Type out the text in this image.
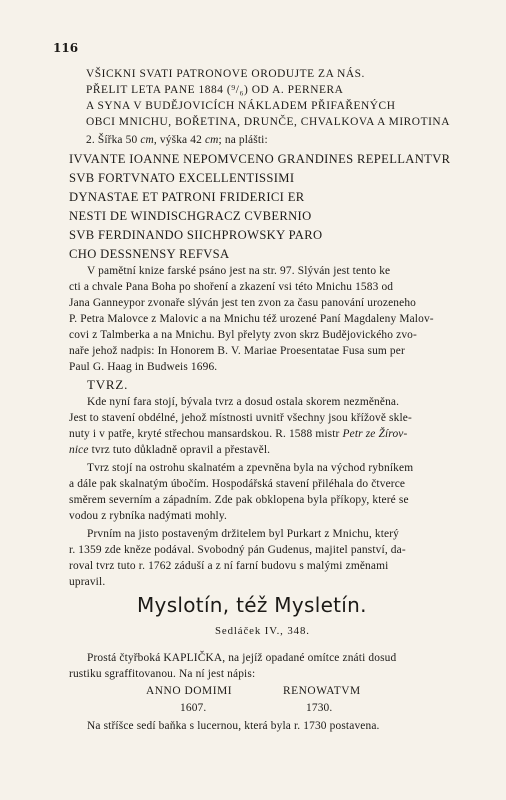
116
VŠICKNI SVATI PATRONOVE ORODUJTE ZA NÁS.
PŘELIT LETA PANE 1884 (⁹/₆) OD A. PERNERA
A SYNA V BUDĚJOVICÍCH NÁKLADEM PŘIFAŘENÝCH
OBCI MNICHU, BOŘETINA, DRUNČE, CHVALKOVA A MIROTINA
2. Šířka 50 cm, výška 42 cm; na plášti:
IVVANTE IOANNE NEPOMVCENO GRANDINES REPELLANTVR
SVB FORTVNATO EXCELLENTISSIMI
DYNASTAE ET PATRONI FRIDERICI ER
NESTI DE WINDISCHGRACZ CVBERNIO
SVB FERDINANDO SIICHPROWSKY PARO
CHO DESSNENSY REFVSA
V pamětní knize farské psáno jest na str. 97. Slýván jest tento ke
cti a chvale Pana Boha po shoření a zkazení vsi této Mnichu 1583 od
Jana Ganneypor zvonaře slýván jest ten zvon za času panování urozeneho
P. Petra Malovce z Malovic a na Mnichu též urozené Paní Magdaleny Malov-
covi z Talmberka a na Mnichu. Byl přelyty zvon skrz Budějovického zvo-
naře jehož nadpis: In Honorem B. V. Mariae Proesentatae Fusa sum per
Paul G. Haag in Budweis 1696.
TVRZ.
Kde nyní fara stojí, bývala tvrz a dosud ostala skorem nezměněna.
Jest to stavení obdélné, jehož místnosti uvnitř všechny jsou křížově skle-
nuty i v patře, kryté střechou mansardskou. R. 1588 mistr Petr ze Žírov-
nice tvrz tuto důkladně opravil a přestavěl.
Tvrz stojí na ostrohu skalnatém a zpevněna byla na východ rybníkem
a dále pak skalnatým úbočím. Hospodářská stavení přiléhala do čtverce
směrem severním a západním. Zde pak obklopena byla příkopy, které se
vodou z rybníka nadýmati mohly.
Prvním na jisto postaveným držitelem byl Purkart z Mnichu, který
r. 1359 zde kněze podával. Svobodný pán Gudenus, majitel panství, da-
roval tvrz tuto r. 1762 záduší a z ní farní budovu s malými změnami
upravil.
Myslotín, též Mysletín.
Sedláček IV., 348.
Prostá čtyřboká KAPLIČKA, na jejíž opadané omítce znáti dosud
rustiku sgraffitovanou. Na ní jest nápis:
ANNO DOMIMI	RENOWATVM
1607.	1730.
Na stříšce sedí baňka s lucernou, která byla r. 1730 postavena.
